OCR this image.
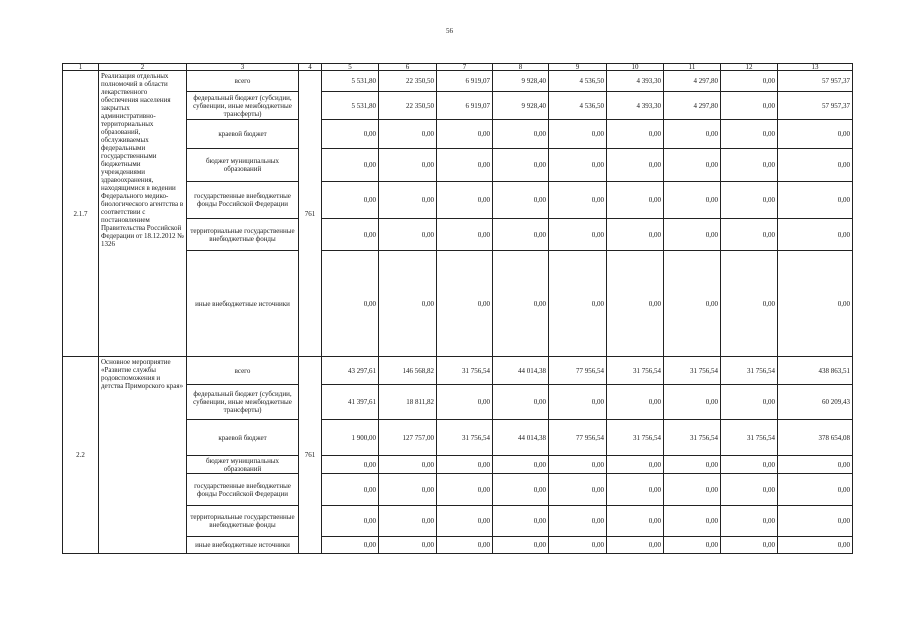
56
1	2	3	4	5	6	7	8	9	10	11	12	13
2.1.7	Реализация отдельных полномочий в области лекарственного обеспечения населения закрытых административно-территориальных образований, обслуживаемых федеральными государственными бюджетными учреждениями здравоохранения, находящимися в ведении Федерального медико-биологического агентства в соответствии с постановлением Правительства Российской Федерации от 18.12.2012 № 1326	всего	761	5 531,80	22 350,50	6 919,07	9 928,40	4 536,50	4 393,30	4 297,80	0,00	57 957,37
		федеральный бюджет (субсидии, субвенции, иные межбюджетные трансферты)		5 531,80	22 350,50	6 919,07	9 928,40	4 536,50	4 393,30	4 297,80	0,00	57 957,37
		краевой бюджет		0,00	0,00	0,00	0,00	0,00	0,00	0,00	0,00	0,00
		бюджет муниципальных образований		0,00	0,00	0,00	0,00	0,00	0,00	0,00	0,00	0,00
		государственные внебюджетные фонды Российской Федерации		0,00	0,00	0,00	0,00	0,00	0,00	0,00	0,00	0,00
		территориальные государственные внебюджетные фонды		0,00	0,00	0,00	0,00	0,00	0,00	0,00	0,00	0,00
		иные внебюджетные источники		0,00	0,00	0,00	0,00	0,00	0,00	0,00	0,00	0,00
2.2	Основное мероприятие «Развитие службы родовспоможения и детства Приморского края»	всего	761	43 297,61	146 568,82	31 756,54	44 014,38	77 956,54	31 756,54	31 756,54	31 756,54	438 863,51
		федеральный бюджет (субсидии, субвенции, иные межбюджетные трансферты)		41 397,61	18 811,82	0,00	0,00	0,00	0,00	0,00	0,00	60 209,43
		краевой бюджет		1 900,00	127 757,00	31 756,54	44 014,38	77 956,54	31 756,54	31 756,54	31 756,54	378 654,08
		бюджет муниципальных образований		0,00	0,00	0,00	0,00	0,00	0,00	0,00	0,00	0,00
		государственные внебюджетные фонды Российской Федерации		0,00	0,00	0,00	0,00	0,00	0,00	0,00	0,00	0,00
		территориальные государственные внебюджетные фонды		0,00	0,00	0,00	0,00	0,00	0,00	0,00	0,00	0,00
		иные внебюджетные источники		0,00	0,00	0,00	0,00	0,00	0,00	0,00	0,00	0,00
